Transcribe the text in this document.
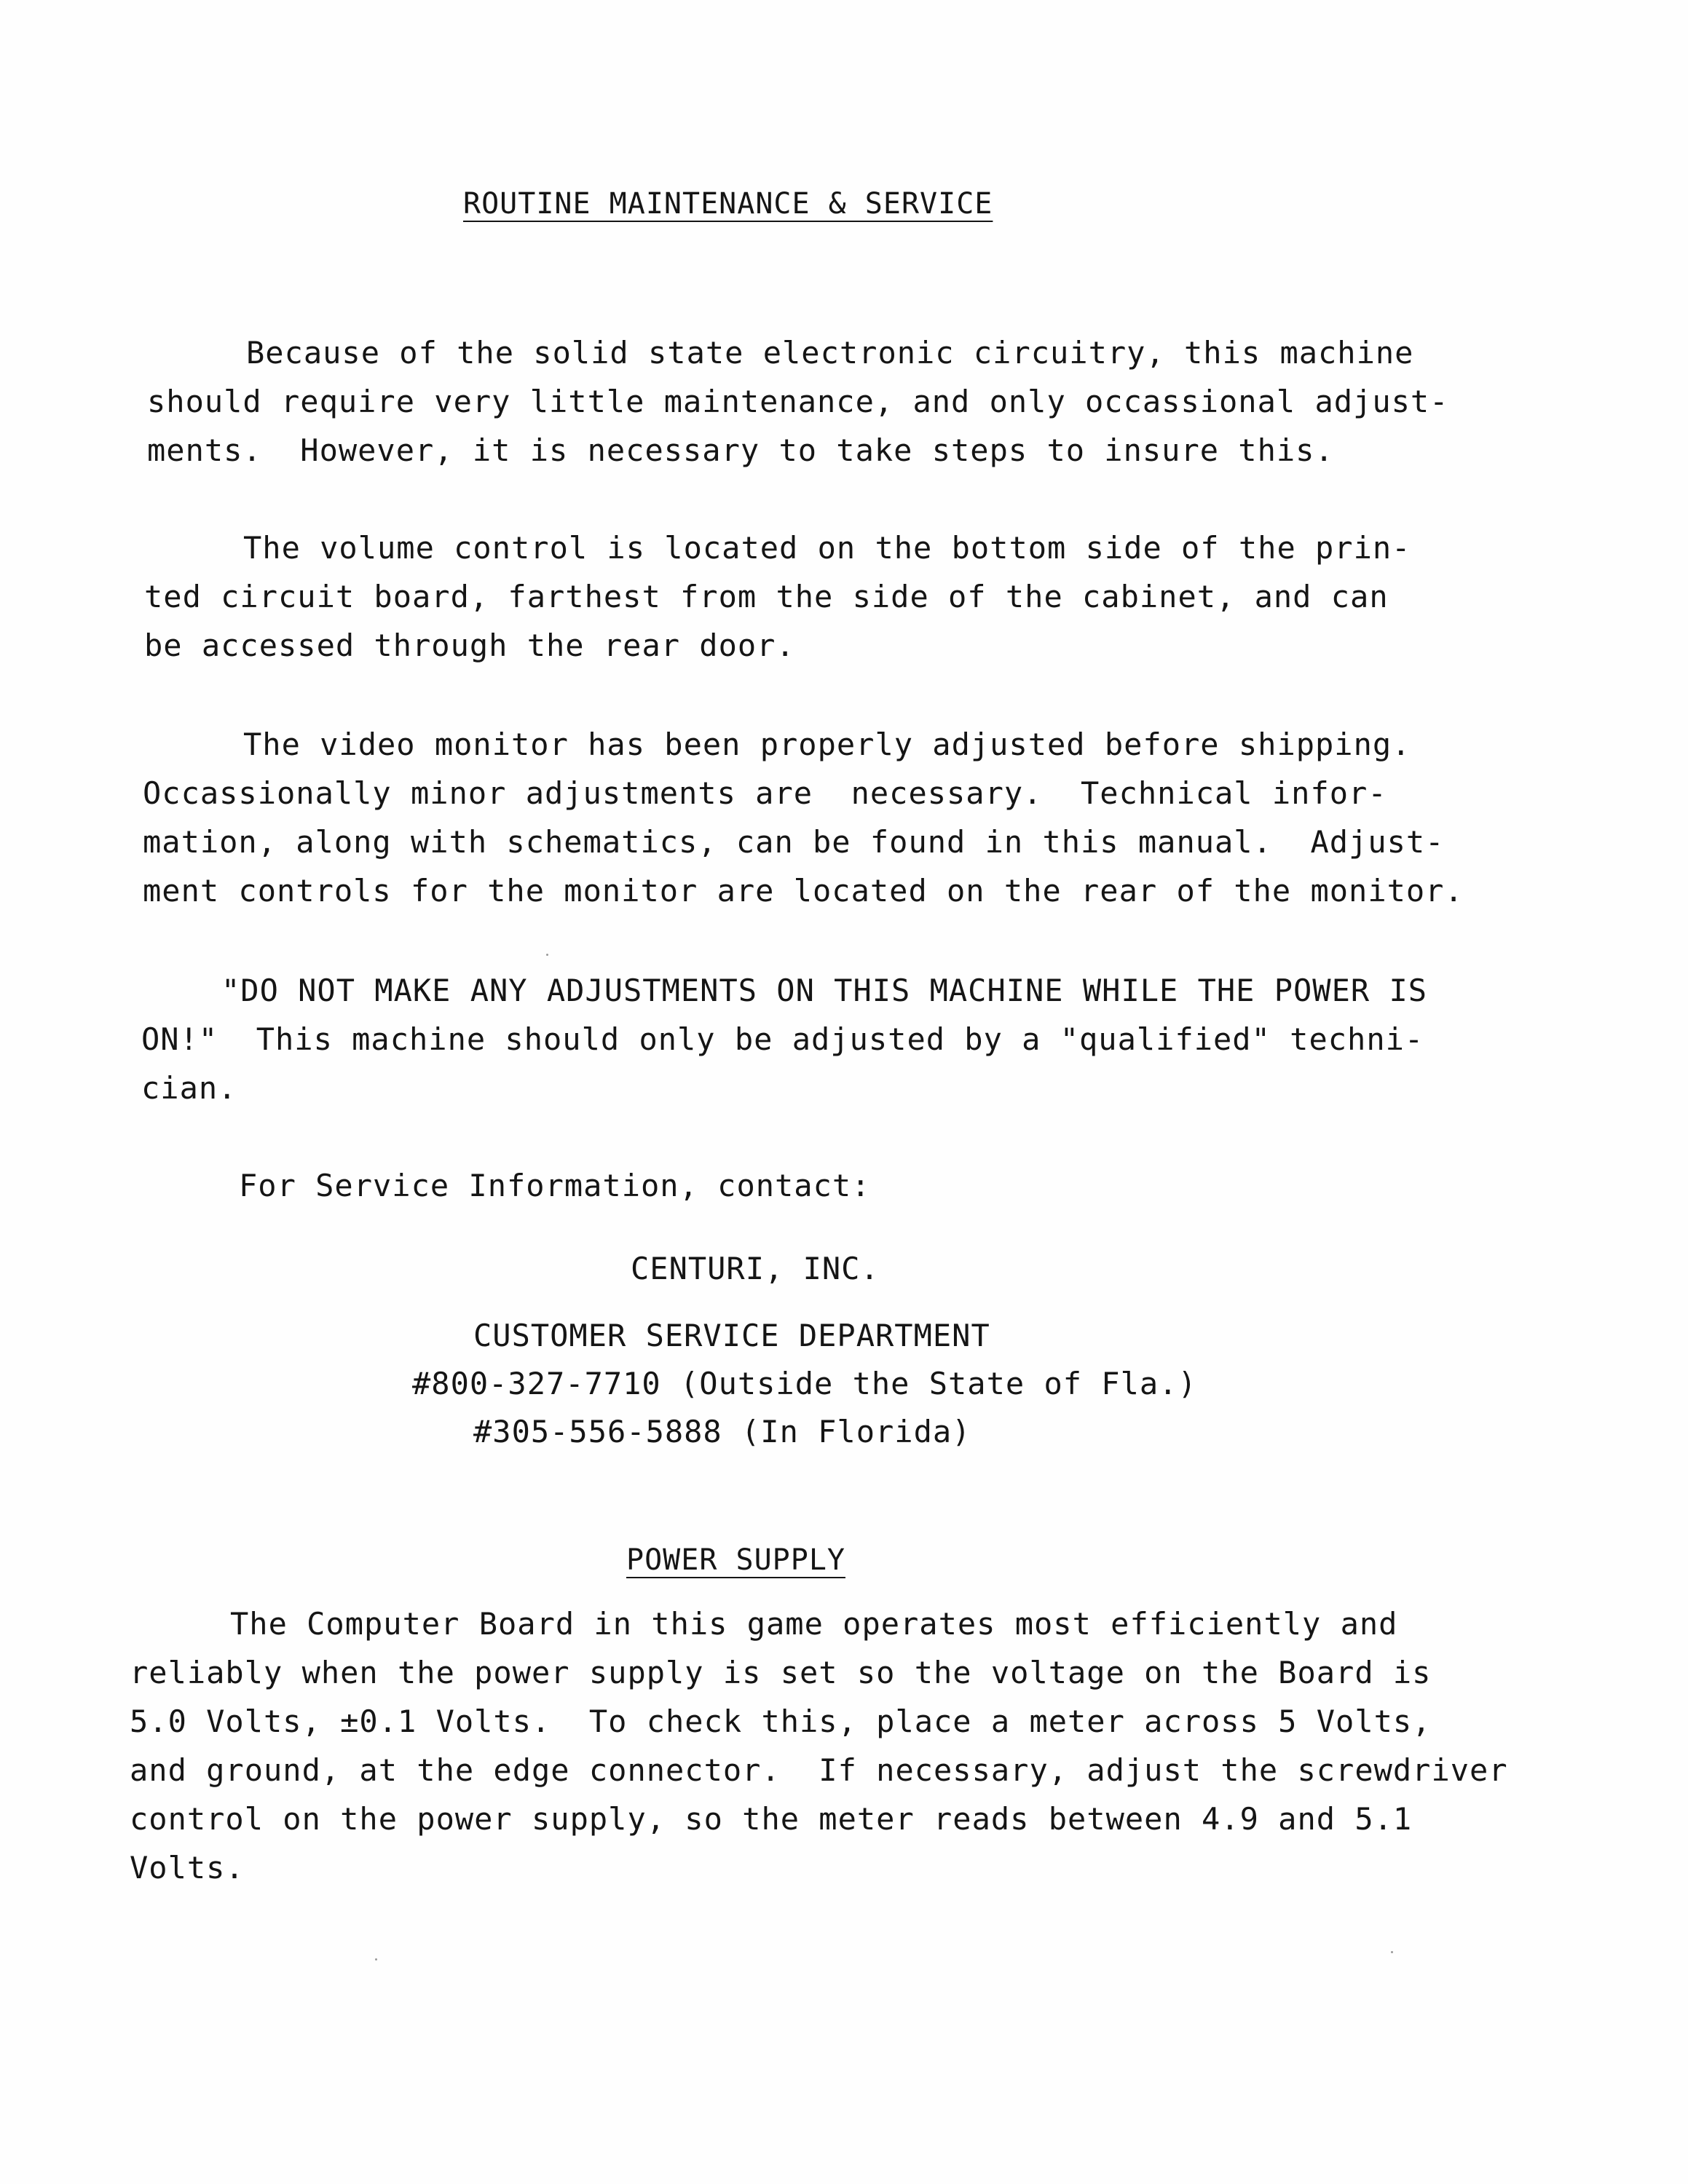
ROUTINE MAINTENANCE & SERVICE
Because of the solid state electronic circuitry, this machine
should require very little maintenance, and only occassional adjust-
ments.  However, it is necessary to take steps to insure this.
The volume control is located on the bottom side of the prin-
ted circuit board, farthest from the side of the cabinet, and can
be accessed through the rear door.
The video monitor has been properly adjusted before shipping.
Occassionally minor adjustments are  necessary.  Technical infor-
mation, along with schematics, can be found in this manual.  Adjust-
ment controls for the monitor are located on the rear of the monitor.
"DO NOT MAKE ANY ADJUSTMENTS ON THIS MACHINE WHILE THE POWER IS
ON!"  This machine should only be adjusted by a "qualified" techni-
cian.
For Service Information, contact:
CENTURI, INC.
CUSTOMER SERVICE DEPARTMENT
#800-327-7710 (Outside the State of Fla.)
#305-556-5888 (In Florida)
POWER SUPPLY
The Computer Board in this game operates most efficiently and
reliably when the power supply is set so the voltage on the Board is
5.0 Volts, ±0.1 Volts.  To check this, place a meter across 5 Volts,
and ground, at the edge connector.  If necessary, adjust the screwdriver
control on the power supply, so the meter reads between 4.9 and 5.1
Volts.
